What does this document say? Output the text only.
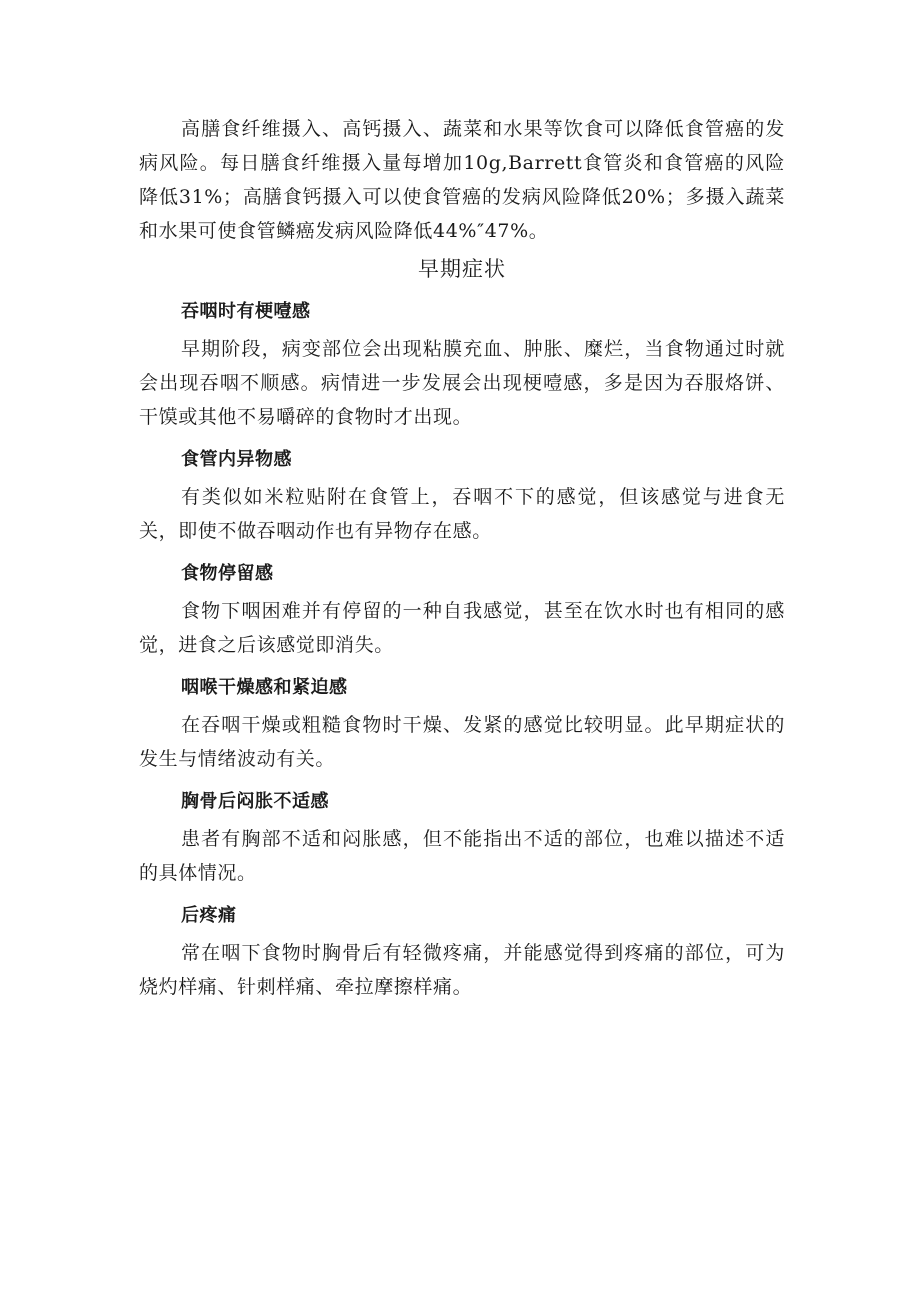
高膳食纤维摄入、高钙摄入、蔬菜和水果等饮食可以降低食管癌的发病风险。每日膳食纤维摄入量每增加10g,Barrett食管炎和食管癌的风险降低31%；高膳食钙摄入可以使食管癌的发病风险降低20%；多摄入蔬菜和水果可使食管鳞癌发病风险降低44%″47%。

早期症状
吞咽时有梗噎感

早期阶段，病变部位会出现粘膜充血、肿胀、糜烂，当食物通过时就会出现吞咽不顺感。病情进一步发展会出现梗噎感，多是因为吞服烙饼、干馍或其他不易嚼碎的食物时才出现。

食管内异物感

有类似如米粒贴附在食管上，吞咽不下的感觉，但该感觉与进食无关，即使不做吞咽动作也有异物存在感。

食物停留感

食物下咽困难并有停留的一种自我感觉，甚至在饮水时也有相同的感觉，进食之后该感觉即消失。

咽喉干燥感和紧迫感

在吞咽干燥或粗糙食物时干燥、发紧的感觉比较明显。此早期症状的发生与情绪波动有关。

胸骨后闷胀不适感

患者有胸部不适和闷胀感，但不能指出不适的部位，也难以描述不适的具体情况。

后疼痛

常在咽下食物时胸骨后有轻微疼痛，并能感觉得到疼痛的部位，可为烧灼样痛、针刺样痛、牵拉摩擦样痛。
